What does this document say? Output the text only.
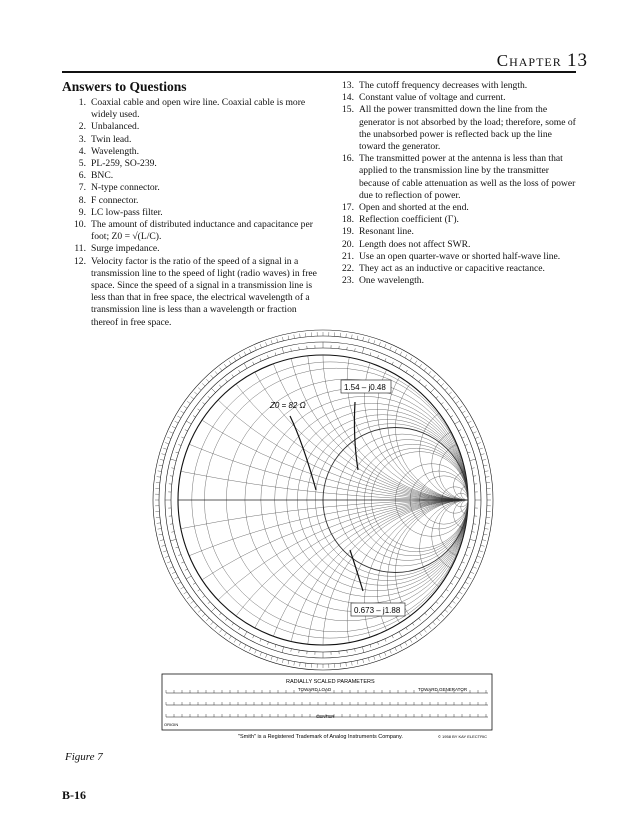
Chapter 13
Answers to Questions
1. Coaxial cable and open wire line. Coaxial cable is more widely used.
2. Unbalanced.
3. Twin lead.
4. Wavelength.
5. PL-259, SO-239.
6. BNC.
7. N-type connector.
8. F connector.
9. LC low-pass filter.
10. The amount of distributed inductance and capacitance per foot; Z0 = √(L/C).
11. Surge impedance.
12. Velocity factor is the ratio of the speed of a signal in a transmission line to the speed of light (radio waves) in free space. Since the speed of a signal in a transmission line is less than that in free space, the electrical wavelength of a transmission line is less than a wavelength or fraction thereof in free space.
13. The cutoff frequency decreases with length.
14. Constant value of voltage and current.
15. All the power transmitted down the line from the generator is not absorbed by the load; therefore, some of the unabsorbed power is reflected back up the line toward the generator.
16. The transmitted power at the antenna is less than that applied to the transmission line by the transmitter because of cable attenuation as well as the loss of power due to reflection of power.
17. Open and shorted at the end.
18. Reflection coefficient (Γ).
19. Resonant line.
20. Length does not affect SWR.
21. Use an open quarter-wave or shorted half-wave line.
22. They act as an inductive or capacitive reactance.
23. One wavelength.
1.54 – j0.48
Z0 = 82 Ω
0.673 – j1.88
RADIALLY SCALED PARAMETERS
TOWARD LOAD	TOWARD GENERATOR
CENTER
ORIGIN
"Smith" is a Registered Trademark of Analog Instruments Company.	© 1958 BY KAY ELECTRIC
Figure 7
B-16
